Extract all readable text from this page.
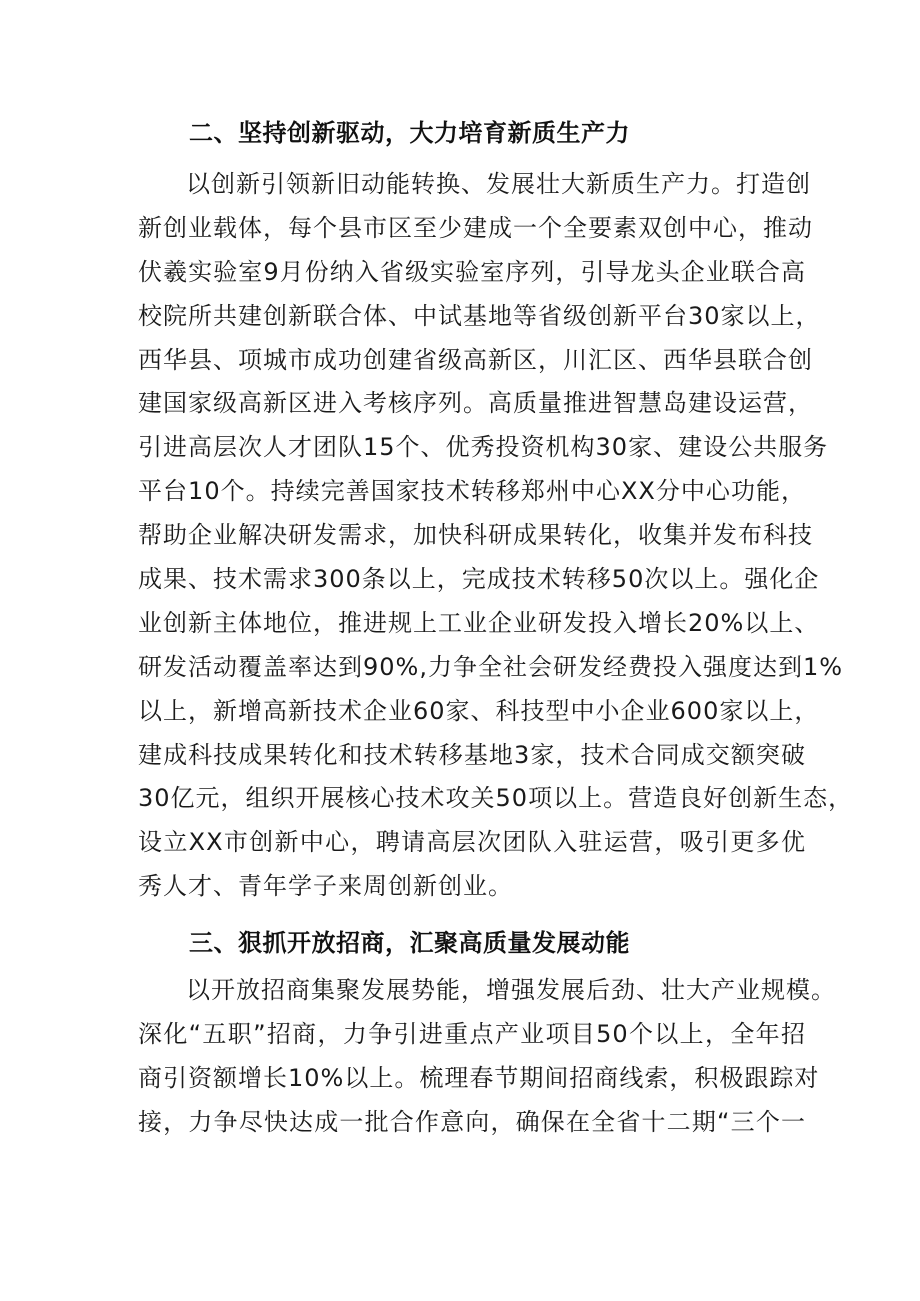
二、坚持创新驱动，大力培育新质生产力
以创新引领新旧动能转换、发展壮大新质生产力。打造创
新创业载体，每个县市区至少建成一个全要素双创中心，推动
伏羲实验室9月份纳入省级实验室序列，引导龙头企业联合高
校院所共建创新联合体、中试基地等省级创新平台30家以上，
西华县、项城市成功创建省级高新区，川汇区、西华县联合创
建国家级高新区进入考核序列。高质量推进智慧岛建设运营，
引进高层次人才团队15个、优秀投资机构30家、建设公共服务
平台10个。持续完善国家技术转移郑州中心XX分中心功能，
帮助企业解决研发需求，加快科研成果转化，收集并发布科技
成果、技术需求300条以上，完成技术转移50次以上。强化企
业创新主体地位，推进规上工业企业研发投入增长20%以上、
研发活动覆盖率达到90%,力争全社会研发经费投入强度达到1%
以上，新增高新技术企业60家、科技型中小企业600家以上，
建成科技成果转化和技术转移基地3家，技术合同成交额突破
30亿元，组织开展核心技术攻关50项以上。营造良好创新生态，
设立XX市创新中心，聘请高层次团队入驻运营，吸引更多优
秀人才、青年学子来周创新创业。
三、狠抓开放招商，汇聚高质量发展动能
以开放招商集聚发展势能，增强发展后劲、壮大产业规模。
深化“五职”招商，力争引进重点产业项目50个以上，全年招
商引资额增长10%以上。梳理春节期间招商线索，积极跟踪对
接，力争尽快达成一批合作意向，确保在全省十二期“三个一
